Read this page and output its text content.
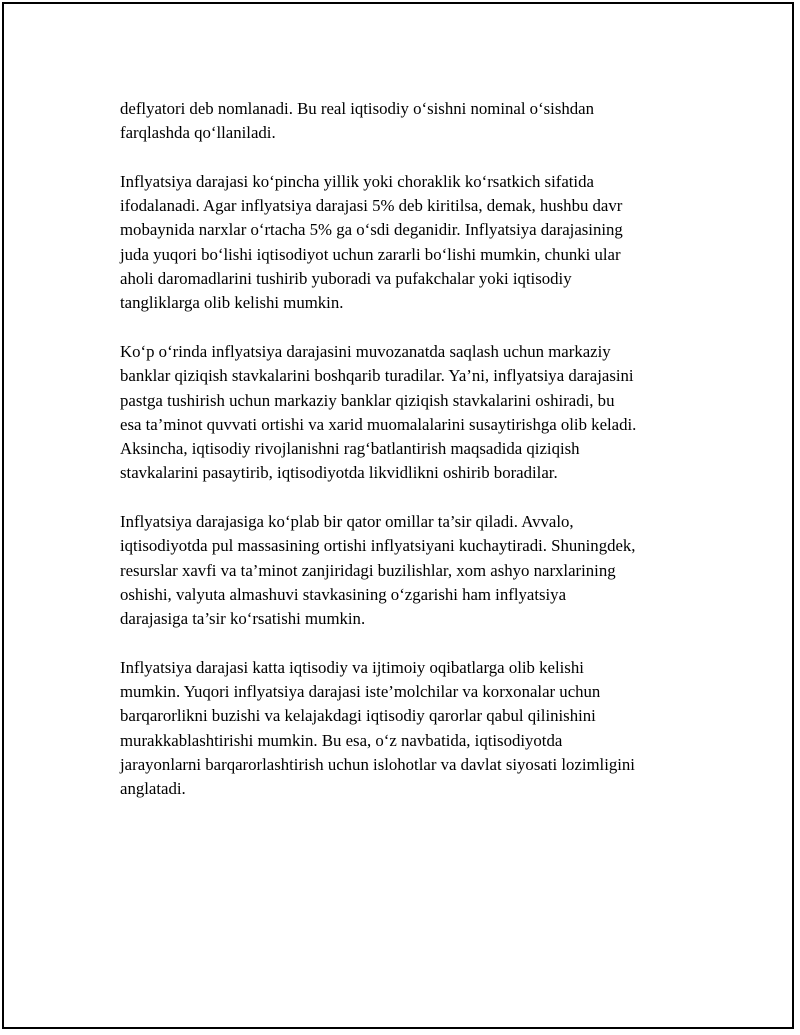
deflyatori deb nomlanadi. Bu real iqtisodiy o‘sishni nominal o‘sishdan
farqlashda qo‘llaniladi.

Inflyatsiya darajasi ko‘pincha yillik yoki choraklik ko‘rsatkich sifatida
ifodalanadi. Agar inflyatsiya darajasi 5% deb kiritilsa, demak, hushbu davr
mobaynida narxlar o‘rtacha 5% ga o‘sdi deganidir. Inflyatsiya darajasining
juda yuqori bo‘lishi iqtisodiyot uchun zararli bo‘lishi mumkin, chunki ular
aholi daromadlarini tushirib yuboradi va pufakchalar yoki iqtisodiy
tangliklarga olib kelishi mumkin.

Ko‘p o‘rinda inflyatsiya darajasini muvozanatda saqlash uchun markaziy
banklar qiziqish stavkalarini boshqarib turadilar. Ya’ni, inflyatsiya darajasini
pastga tushirish uchun markaziy banklar qiziqish stavkalarini oshiradi, bu
esa ta’minot quvvati ortishi va xarid muomalalarini susaytirishga olib keladi.
Aksincha, iqtisodiy rivojlanishni rag‘batlantirish maqsadida qiziqish
stavkalarini pasaytirib, iqtisodiyotda likvidlikni oshirib boradilar.

Inflyatsiya darajasiga ko‘plab bir qator omillar ta’sir qiladi. Avvalo,
iqtisodiyotda pul massasining ortishi inflyatsiyani kuchaytiradi. Shuningdek,
resurslar xavfi va ta’minot zanjiridagi buzilishlar, xom ashyo narxlarining
oshishi, valyuta almashuvi stavkasining o‘zgarishi ham inflyatsiya
darajasiga ta’sir ko‘rsatishi mumkin.

Inflyatsiya darajasi katta iqtisodiy va ijtimoiy oqibatlarga olib kelishi
mumkin. Yuqori inflyatsiya darajasi iste’molchilar va korxonalar uchun
barqarorlikni buzishi va kelajakdagi iqtisodiy qarorlar qabul qilinishini
murakkablashtirishi mumkin. Bu esa, o‘z navbatida, iqtisodiyotda
jarayonlarni barqarorlashtirish uchun islohotlar va davlat siyosati lozimligini
anglatadi.
